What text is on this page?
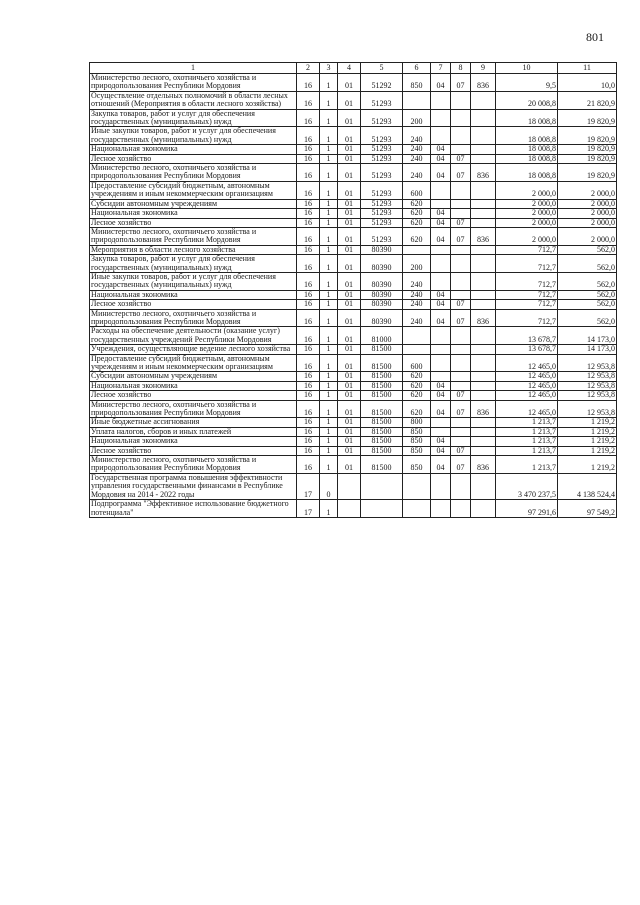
801
1	2	3	4	5	6	7	8	9	10	11
Министерство лесного, охотничьего хозяйства и природопользования Республики Мордовия	16	1	01	51292	850	04	07	836	9,5	10,0
Осуществление отдельных полномочий в области лесных отношений (Мероприятия в области лесного хозяйства)	16	1	01	51293					20 008,8	21 820,9
Закупка товаров, работ и услуг для обеспечения государственных (муниципальных) нужд	16	1	01	51293	200				18 008,8	19 820,9
Иные закупки товаров, работ и услуг для обеспечения государственных (муниципальных) нужд	16	1	01	51293	240				18 008,8	19 820,9
Национальная экономика	16	1	01	51293	240	04			18 008,8	19 820,9
Лесное хозяйство	16	1	01	51293	240	04	07		18 008,8	19 820,9
Министерство лесного, охотничьего хозяйства и природопользования Республики Мордовия	16	1	01	51293	240	04	07	836	18 008,8	19 820,9
Предоставление субсидий бюджетным, автономным учреждениям и иным некоммерческим организациям	16	1	01	51293	600				2 000,0	2 000,0
Субсидии автономным учреждениям	16	1	01	51293	620				2 000,0	2 000,0
Национальная экономика	16	1	01	51293	620	04			2 000,0	2 000,0
Лесное хозяйство	16	1	01	51293	620	04	07		2 000,0	2 000,0
Министерство лесного, охотничьего хозяйства и природопользования Республики Мордовия	16	1	01	51293	620	04	07	836	2 000,0	2 000,0
Мероприятия в области лесного хозяйства	16	1	01	80390					712,7	562,0
Закупка товаров, работ и услуг для обеспечения государственных (муниципальных) нужд	16	1	01	80390	200				712,7	562,0
Иные закупки товаров, работ и услуг для обеспечения государственных (муниципальных) нужд	16	1	01	80390	240				712,7	562,0
Национальная экономика	16	1	01	80390	240	04			712,7	562,0
Лесное хозяйство	16	1	01	80390	240	04	07		712,7	562,0
Министерство лесного, охотничьего хозяйства и природопользования Республики Мордовия	16	1	01	80390	240	04	07	836	712,7	562,0
Расходы на обеспечение деятельности (оказание услуг) государственных учреждений Республики Мордовия	16	1	01	81000					13 678,7	14 173,0
Учреждения, осуществляющие ведение лесного хозяйства	16	1	01	81500					13 678,7	14 173,0
Предоставление субсидий бюджетным, автономным учреждениям и иным некоммерческим организациям	16	1	01	81500	600				12 465,0	12 953,8
Субсидии автономным учреждениям	16	1	01	81500	620				12 465,0	12 953,8
Национальная экономика	16	1	01	81500	620	04			12 465,0	12 953,8
Лесное хозяйство	16	1	01	81500	620	04	07		12 465,0	12 953,8
Министерство лесного, охотничьего хозяйства и природопользования Республики Мордовия	16	1	01	81500	620	04	07	836	12 465,0	12 953,8
Иные бюджетные ассигнования	16	1	01	81500	800				1 213,7	1 219,2
Уплата налогов, сборов и иных платежей	16	1	01	81500	850				1 213,7	1 219,2
Национальная экономика	16	1	01	81500	850	04			1 213,7	1 219,2
Лесное хозяйство	16	1	01	81500	850	04	07		1 213,7	1 219,2
Министерство лесного, охотничьего хозяйства и природопользования Республики Мордовия	16	1	01	81500	850	04	07	836	1 213,7	1 219,2
Государственная программа повышения эффективности управления государственными финансами в Республике Мордовия на 2014 - 2022 годы	17	0							3 470 237,5	4 138 524,4
Подпрограмма "Эффективное использование бюджетного потенциала"	17	1							97 291,6	97 549,2
